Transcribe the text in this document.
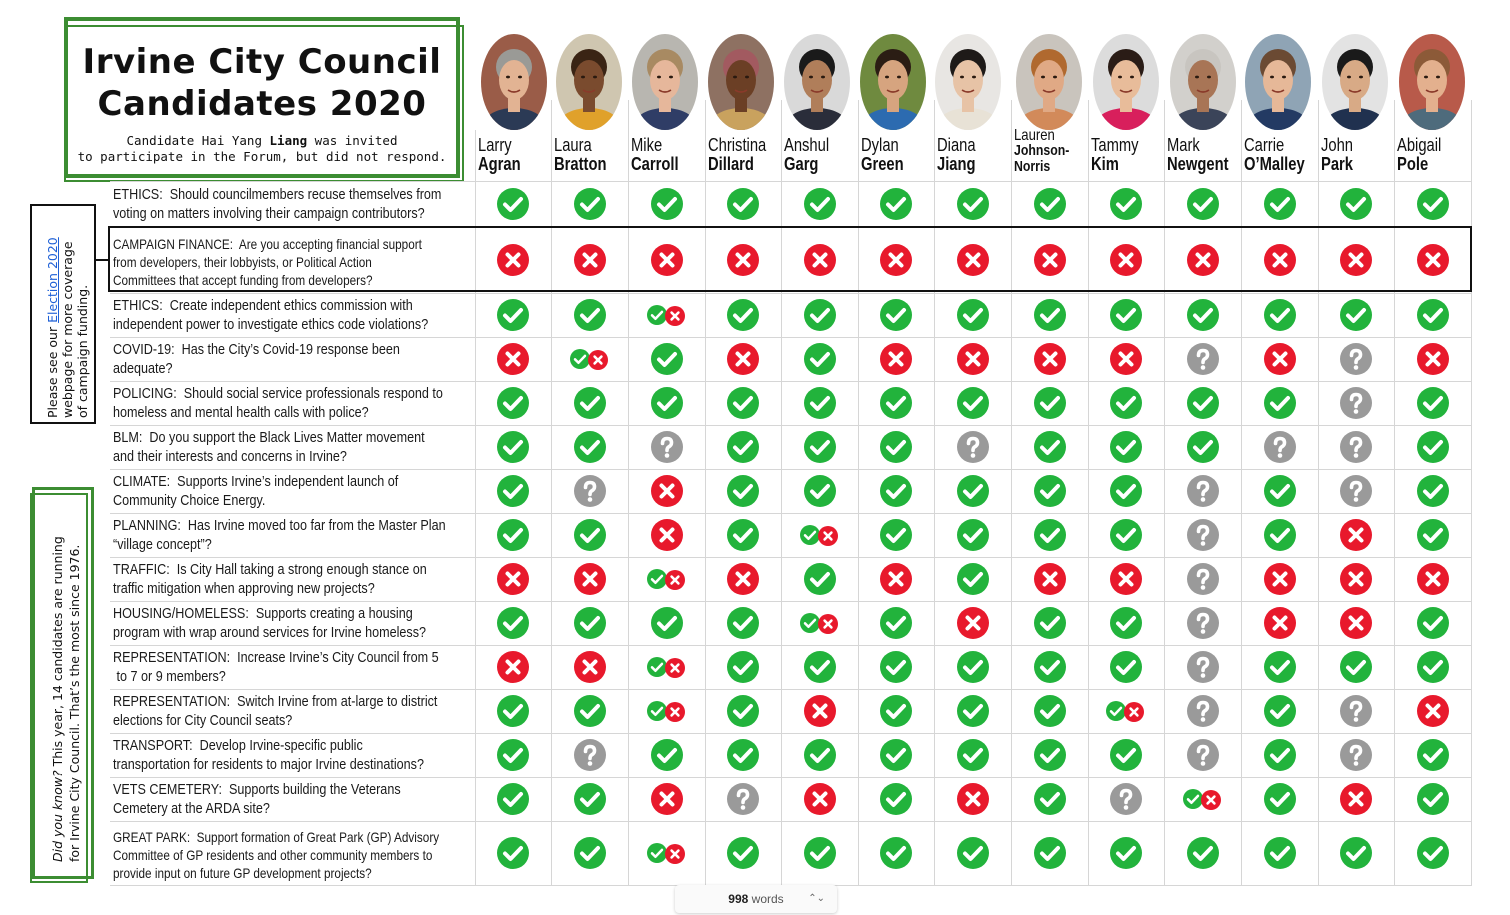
Irvine City Council
Candidates 2020
Candidate Hai Yang Liang was invited
to participate in the Forum, but did not respond.
Larry
Agran
Laura
Bratton
Mike
Carroll
Christina
Dillard
Anshul
Garg
Dylan
Green
Diana
Jiang
Lauren
Johnson-
Norris
Tammy
Kim
Mark
Newgent
Carrie
O’Malley
John
Park
Abigail
Pole
ETHICS:  Should councilmembers recuse themselves from
voting on matters involving their campaign contributors?
CAMPAIGN FINANCE:  Are you accepting financial support
from developers, their lobbyists, or Political Action
Committees that accept funding from developers?
ETHICS:  Create independent ethics commission with
independent power to investigate ethics code violations?
COVID-19:  Has the City’s Covid-19 response been
adequate?
POLICING:  Should social service professionals respond to
homeless and mental health calls with police?
BLM:  Do you support the Black Lives Matter movement
and their interests and concerns in Irvine?
CLIMATE:  Supports Irvine’s independent launch of
Community Choice Energy.
PLANNING:  Has Irvine moved too far from the Master Plan
“village concept”?
TRAFFIC:  Is City Hall taking a strong enough stance on
traffic mitigation when approving new projects?
HOUSING/HOMELESS:  Supports creating a housing
program with wrap around services for Irvine homeless?
REPRESENTATION:  Increase Irvine’s City Council from 5
to 7 or 9 members?
REPRESENTATION:  Switch Irvine from at-large to district
elections for City Council seats?
TRANSPORT:  Develop Irvine-specific public
transportation for residents to major Irvine destinations?
VETS CEMETERY:  Supports building the Veterans
Cemetery at the ARDA site?
GREAT PARK:  Support formation of Great Park (GP) Advisory
Committee of GP residents and other community members to
provide input on future GP development projects?
Please see our Election 2020
webpage for more coverage
of campaign funding.
Did you know? This year, 14 candidates are running for Irvine City Council. That’s the most since 1976.
998 words ⌃⌄
